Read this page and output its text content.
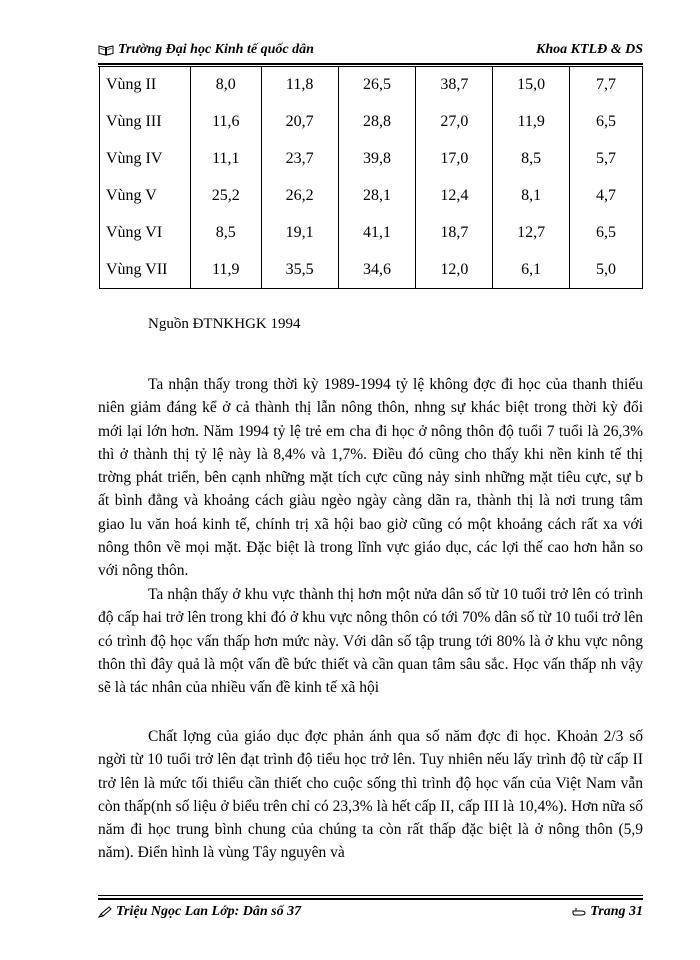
Trường Đại học Kinh tế quốc dân	Khoa KTLĐ & DS
Vùng II	8,0	11,8	26,5	38,7	15,0	7,7
Vùng III	11,6	20,7	28,8	27,0	11,9	6,5
Vùng IV	11,1	23,7	39,8	17,0	8,5	5,7
Vùng V	25,2	26,2	28,1	12,4	8,1	4,7
Vùng VI	8,5	19,1	41,1	18,7	12,7	6,5
Vùng VII	11,9	35,5	34,6	12,0	6,1	5,0
Nguồn ĐTNKHGK 1994

Ta nhận thấy trong thời kỳ 1989-1994 tỷ lệ không đợc đi học của thanh thiếu niên giảm đáng kể ở cả thành thị lẫn nông thôn, nhng sự khác biệt trong thời kỳ đổi mới lại lớn hơn. Năm 1994 tỷ lệ trẻ em cha đi học ở nông thôn độ tuổi 7 tuổi là 26,3% thì ở thành thị tỷ lệ này là 8,4% và 1,7%. Điều đó cũng cho thấy khi nền kinh tế thị trờng phát triển, bên cạnh những mặt tích cực cũng nảy sinh những mặt tiêu cực, sự b ất bình đẳng và khoảng cách giàu ngèo ngày càng dãn ra, thành thị là nơi trung tâm giao lu văn hoá kinh tế, chính trị xã hội bao giờ cũng có một khoảng cách rất xa với nông thôn về mọi mặt. Đặc biệt là trong lĩnh vực giáo dục, các lợi thế cao hơn hẳn so với nông thôn.

Ta nhận thấy ở khu vực thành thị hơn một nửa dân số từ 10 tuổi trở lên có trình độ cấp hai trở lên trong khi đó ở khu vực nông thôn có tới 70% dân số từ 10 tuổi trở lên có trình độ học vấn thấp hơn mức này. Với dân số tập trung tới 80% là ở khu vực nông thôn thì đây quả là một vấn đề bức thiết và cần quan tâm sâu sắc. Học vấn thấp nh vậy sẽ là tác nhân của nhiều vấn đề kinh tế xã hội

Chất lợng của giáo dục đợc phản ánh qua số năm đợc đi học. Khoản 2/3 số ngời từ 10 tuổi trở lên đạt trình độ tiểu học trở lên. Tuy nhiên nếu lấy trình độ từ cấp II trở lên là mức tối thiểu cần thiết cho cuộc sống thì trình độ học vấn của Việt Nam vẫn còn thấp(nh số liệu ở biểu trên chỉ có 23,3% là hết cấp II, cấp III là 10,4%). Hơn nữa số năm đi học trung bình chung của chúng ta còn rất thấp đặc biệt là ở nông thôn (5,9 năm). Điển hình là vùng Tây nguyên và

Triệu Ngọc Lan Lớp: Dân số 37	Trang 31
